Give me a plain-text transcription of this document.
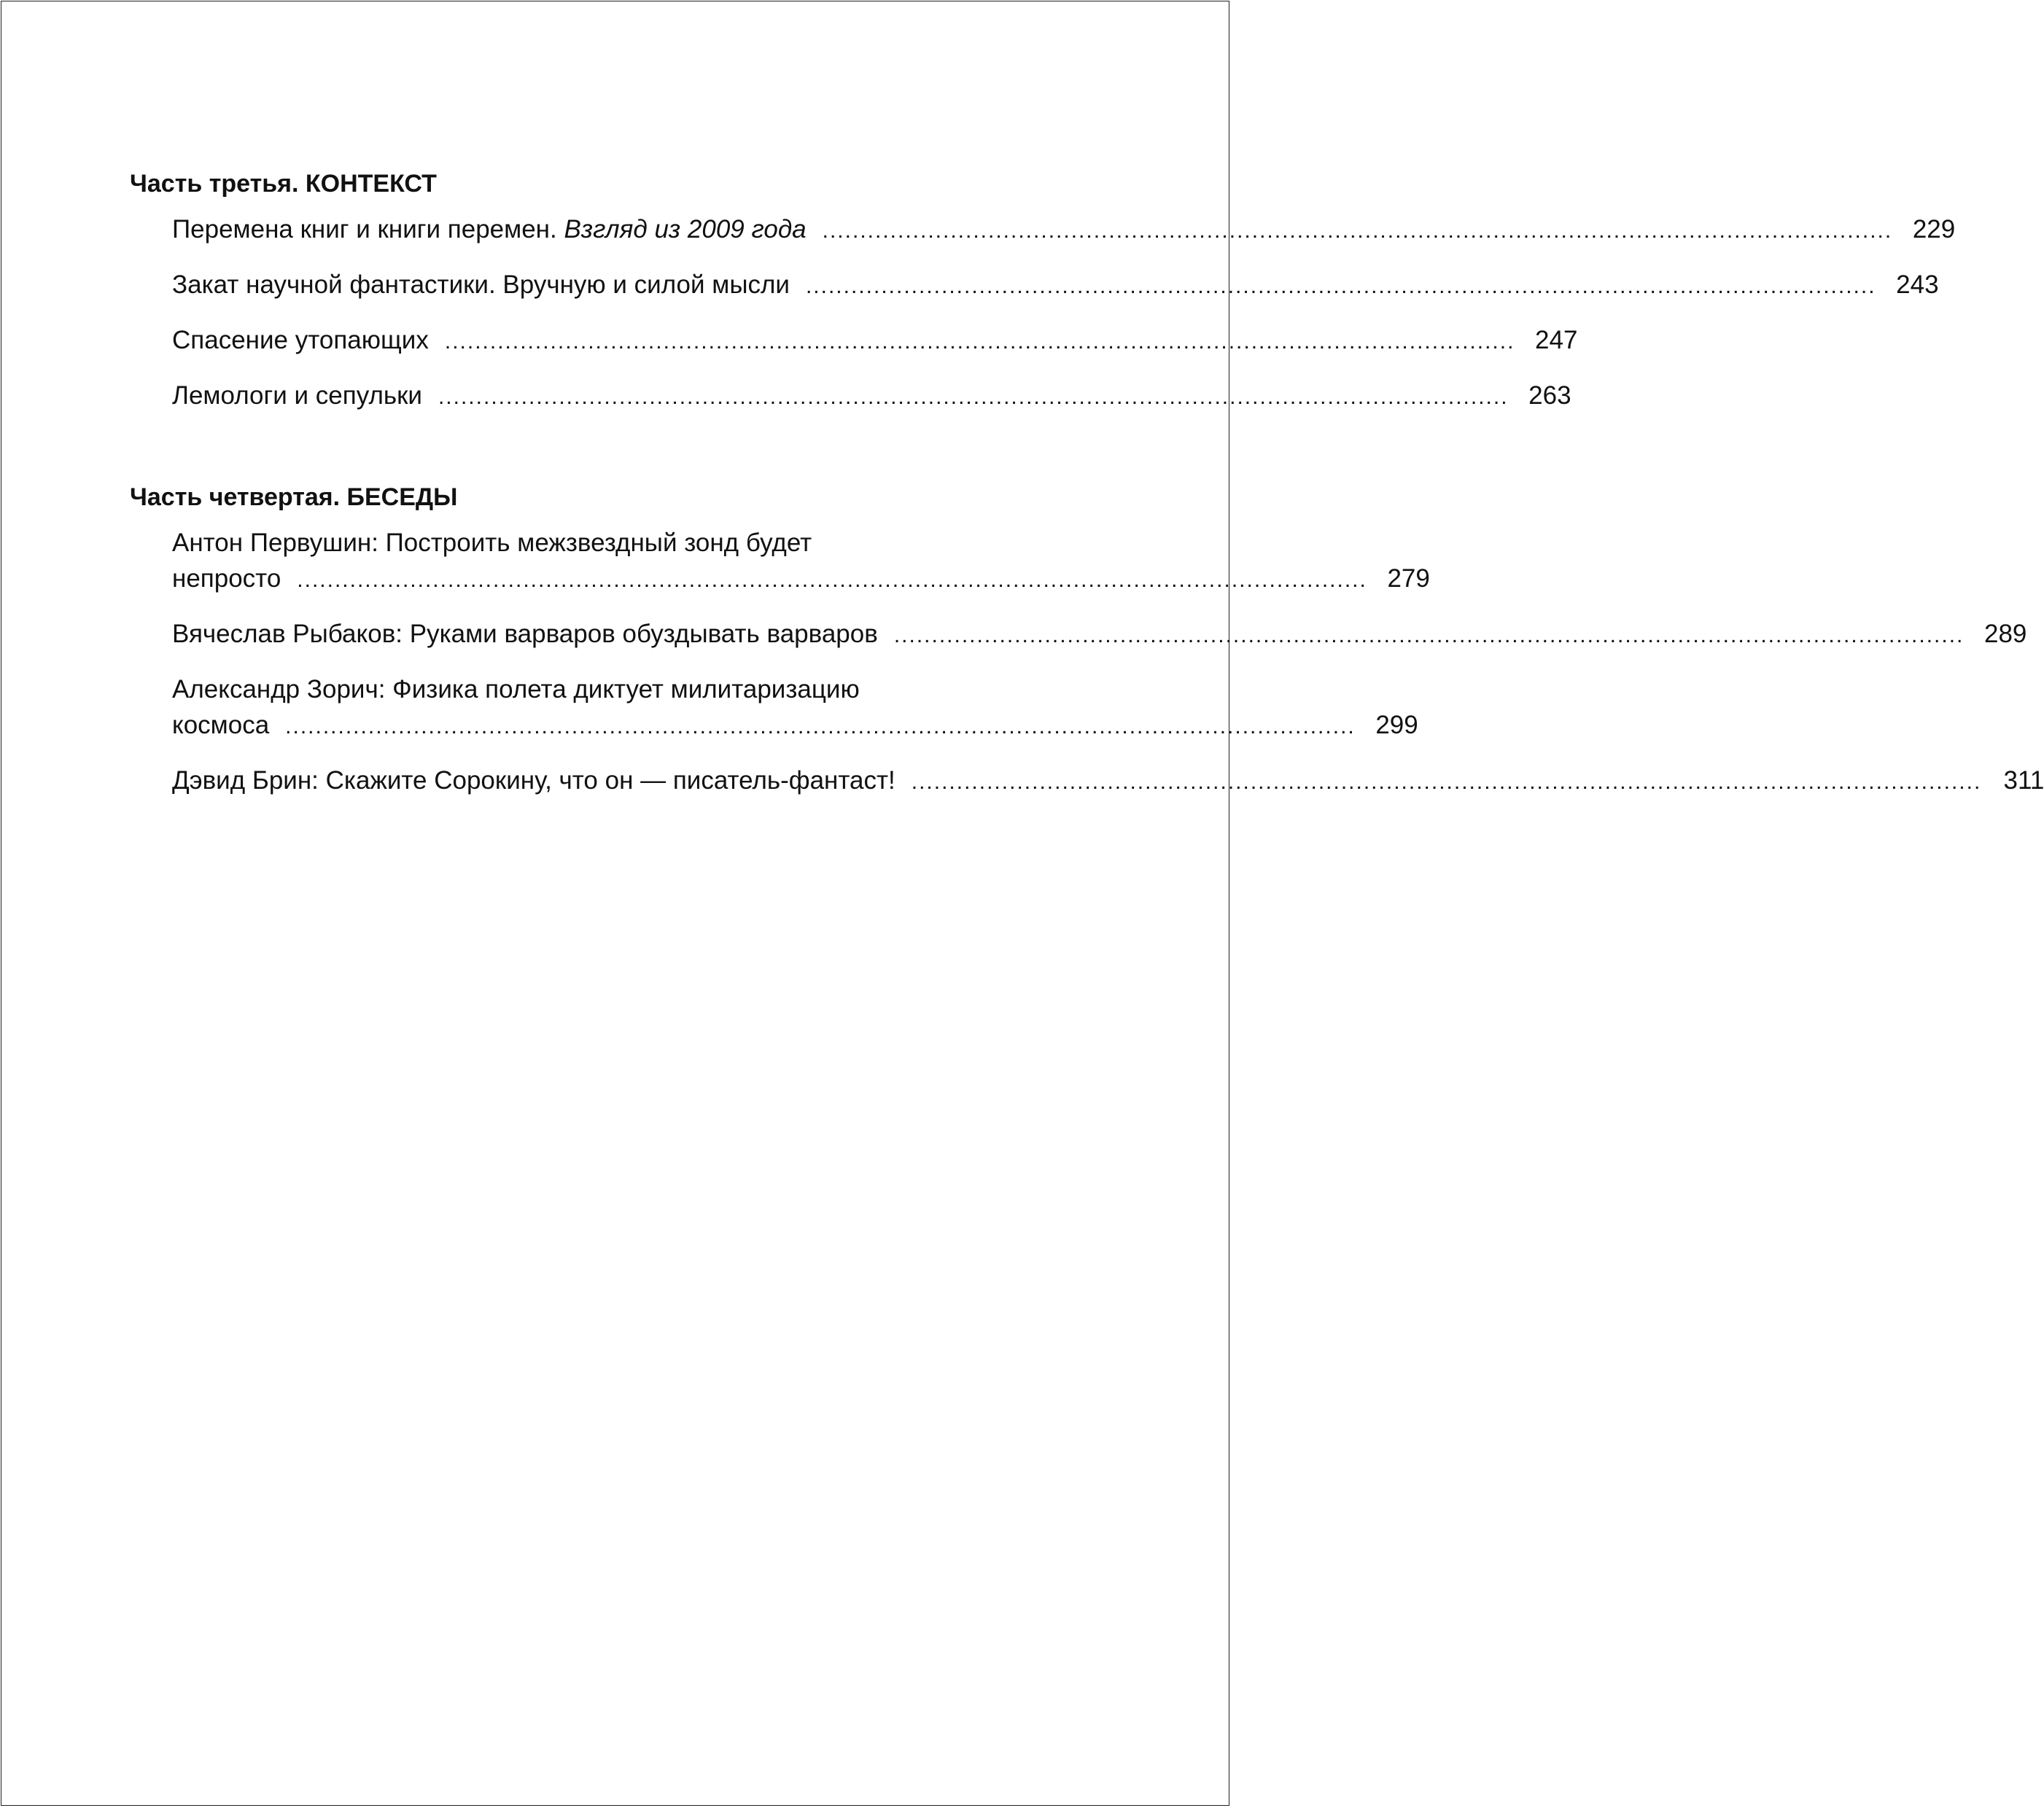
Часть третья. КОНТЕКСТ
Перемена книг и книги перемен. Взгляд из 2009 года .............................................................................................................................................. 229
Закат научной фантастики. Вручную и силой мысли .............................................................................................................................................. 243
Спасение утопающих .............................................................................................................................................. 247
Лемологи и сепульки .............................................................................................................................................. 263
Часть четвертая. БЕСЕДЫ
Антон Первушин: Построить межзвездный зонд будет
непросто .............................................................................................................................................. 279
Вячеслав Рыбаков: Руками варваров обуздывать варваров .............................................................................................................................................. 289
Александр Зорич: Физика полета диктует милитаризацию
космоса .............................................................................................................................................. 299
Дэвид Брин: Скажите Сорокину, что он — писатель-фантаст! .............................................................................................................................................. 311
